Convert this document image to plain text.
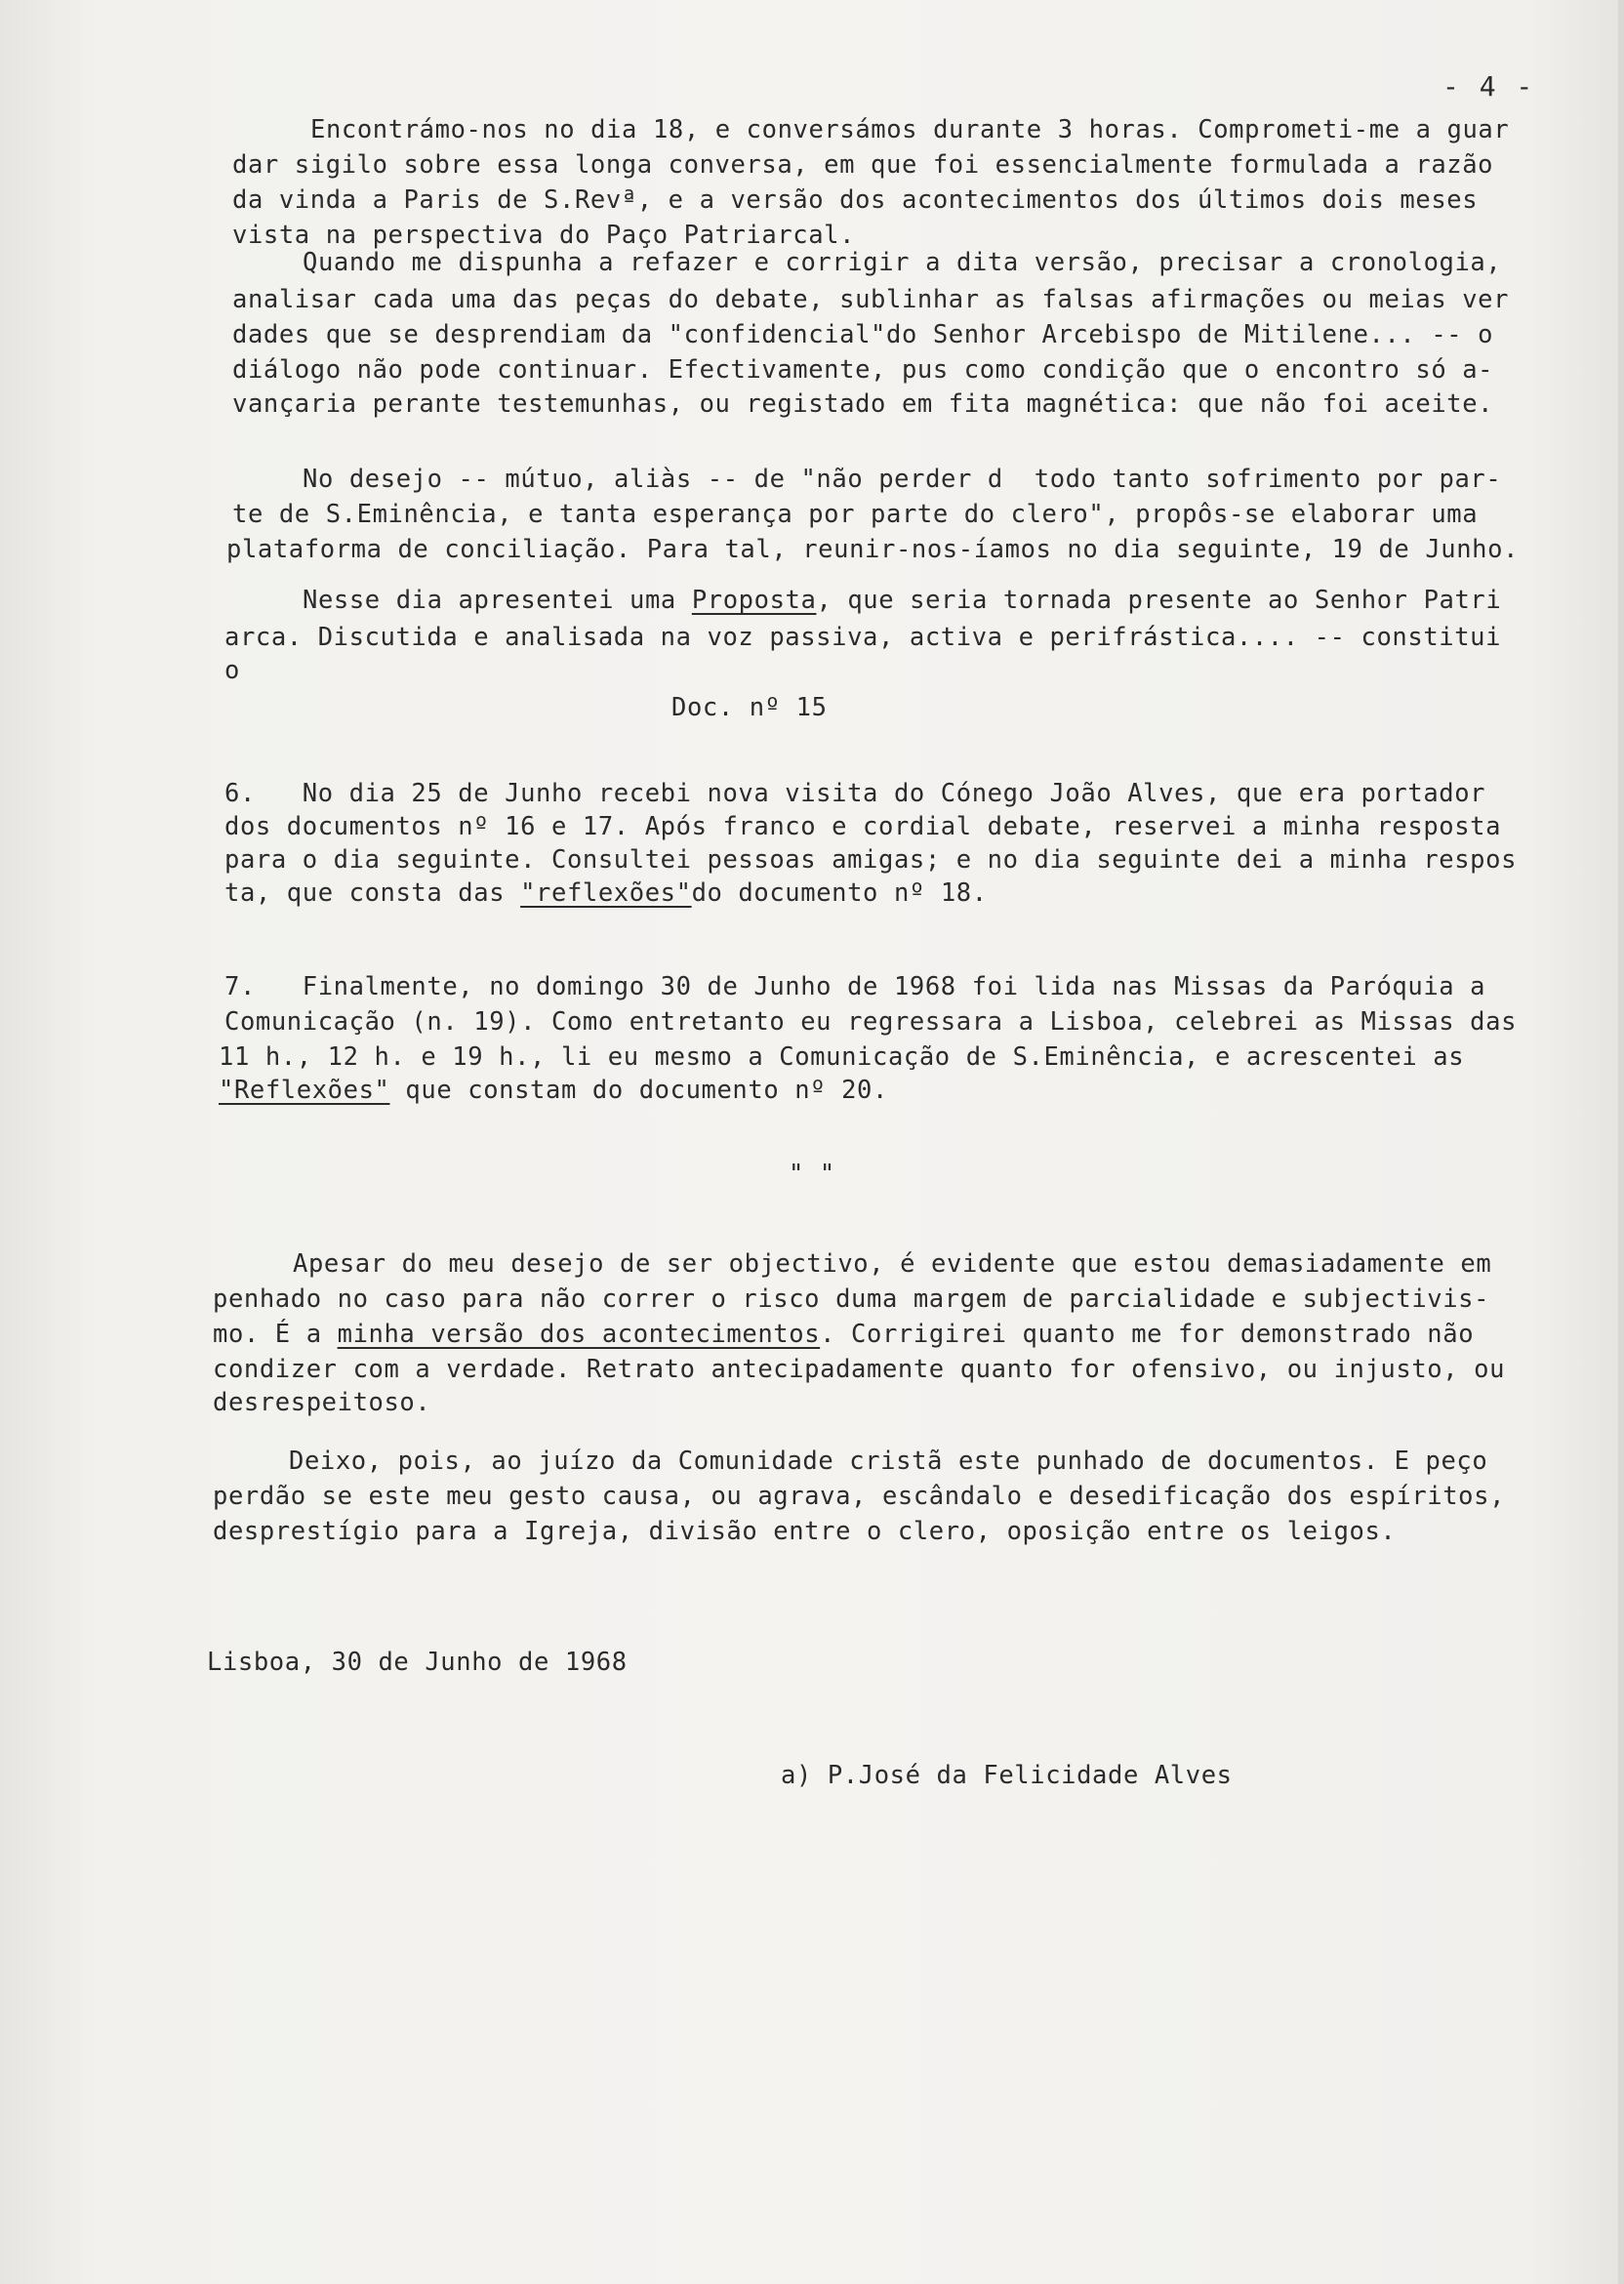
- 4 -
Encontrámo-nos no dia 18, e conversámos durante 3 horas. Comprometi-me a guar
dar sigilo sobre essa longa conversa, em que foi essencialmente formulada a razão
da vinda a Paris de S.Revª, e a versão dos acontecimentos dos últimos dois meses
vista na perspectiva do Paço Patriarcal.
Quando me dispunha a refazer e corrigir a dita versão, precisar a cronologia,
analisar cada uma das peças do debate, sublinhar as falsas afirmações ou meias ver
dades que se desprendiam da "confidencial"do Senhor Arcebispo de Mitilene... -- o
diálogo não pode continuar. Efectivamente, pus como condição que o encontro só a-
vançaria perante testemunhas, ou registado em fita magnética: que não foi aceite.
No desejo -- mútuo, aliàs -- de "não perder d  todo tanto sofrimento por par-
te de S.Eminência, e tanta esperança por parte do clero", propôs-se elaborar uma
plataforma de conciliação. Para tal, reunir-nos-íamos no dia seguinte, 19 de Junho.
Nesse dia apresentei uma Proposta, que seria tornada presente ao Senhor Patri
arca. Discutida e analisada na voz passiva, activa e perifrástica.... -- constitui
o
Doc. nº 15
6.   No dia 25 de Junho recebi nova visita do Cónego João Alves, que era portador
dos documentos nº 16 e 17. Após franco e cordial debate, reservei a minha resposta
para o dia seguinte. Consultei pessoas amigas; e no dia seguinte dei a minha respos
ta, que consta das "reflexões"do documento nº 18.
7.   Finalmente, no domingo 30 de Junho de 1968 foi lida nas Missas da Paróquia a
Comunicação (n. 19). Como entretanto eu regressara a Lisboa, celebrei as Missas das
11 h., 12 h. e 19 h., li eu mesmo a Comunicação de S.Eminência, e acrescentei as
"Reflexões" que constam do documento nº 20.
" "
Apesar do meu desejo de ser objectivo, é evidente que estou demasiadamente em
penhado no caso para não correr o risco duma margem de parcialidade e subjectivis-
mo. É a minha versão dos acontecimentos. Corrigirei quanto me for demonstrado não
condizer com a verdade. Retrato antecipadamente quanto for ofensivo, ou injusto, ou
desrespeitoso.
Deixo, pois, ao juízo da Comunidade cristã este punhado de documentos. E peço
perdão se este meu gesto causa, ou agrava, escândalo e desedificação dos espíritos,
desprestígio para a Igreja, divisão entre o clero, oposição entre os leigos.
Lisboa, 30 de Junho de 1968
a) P.José da Felicidade Alves
